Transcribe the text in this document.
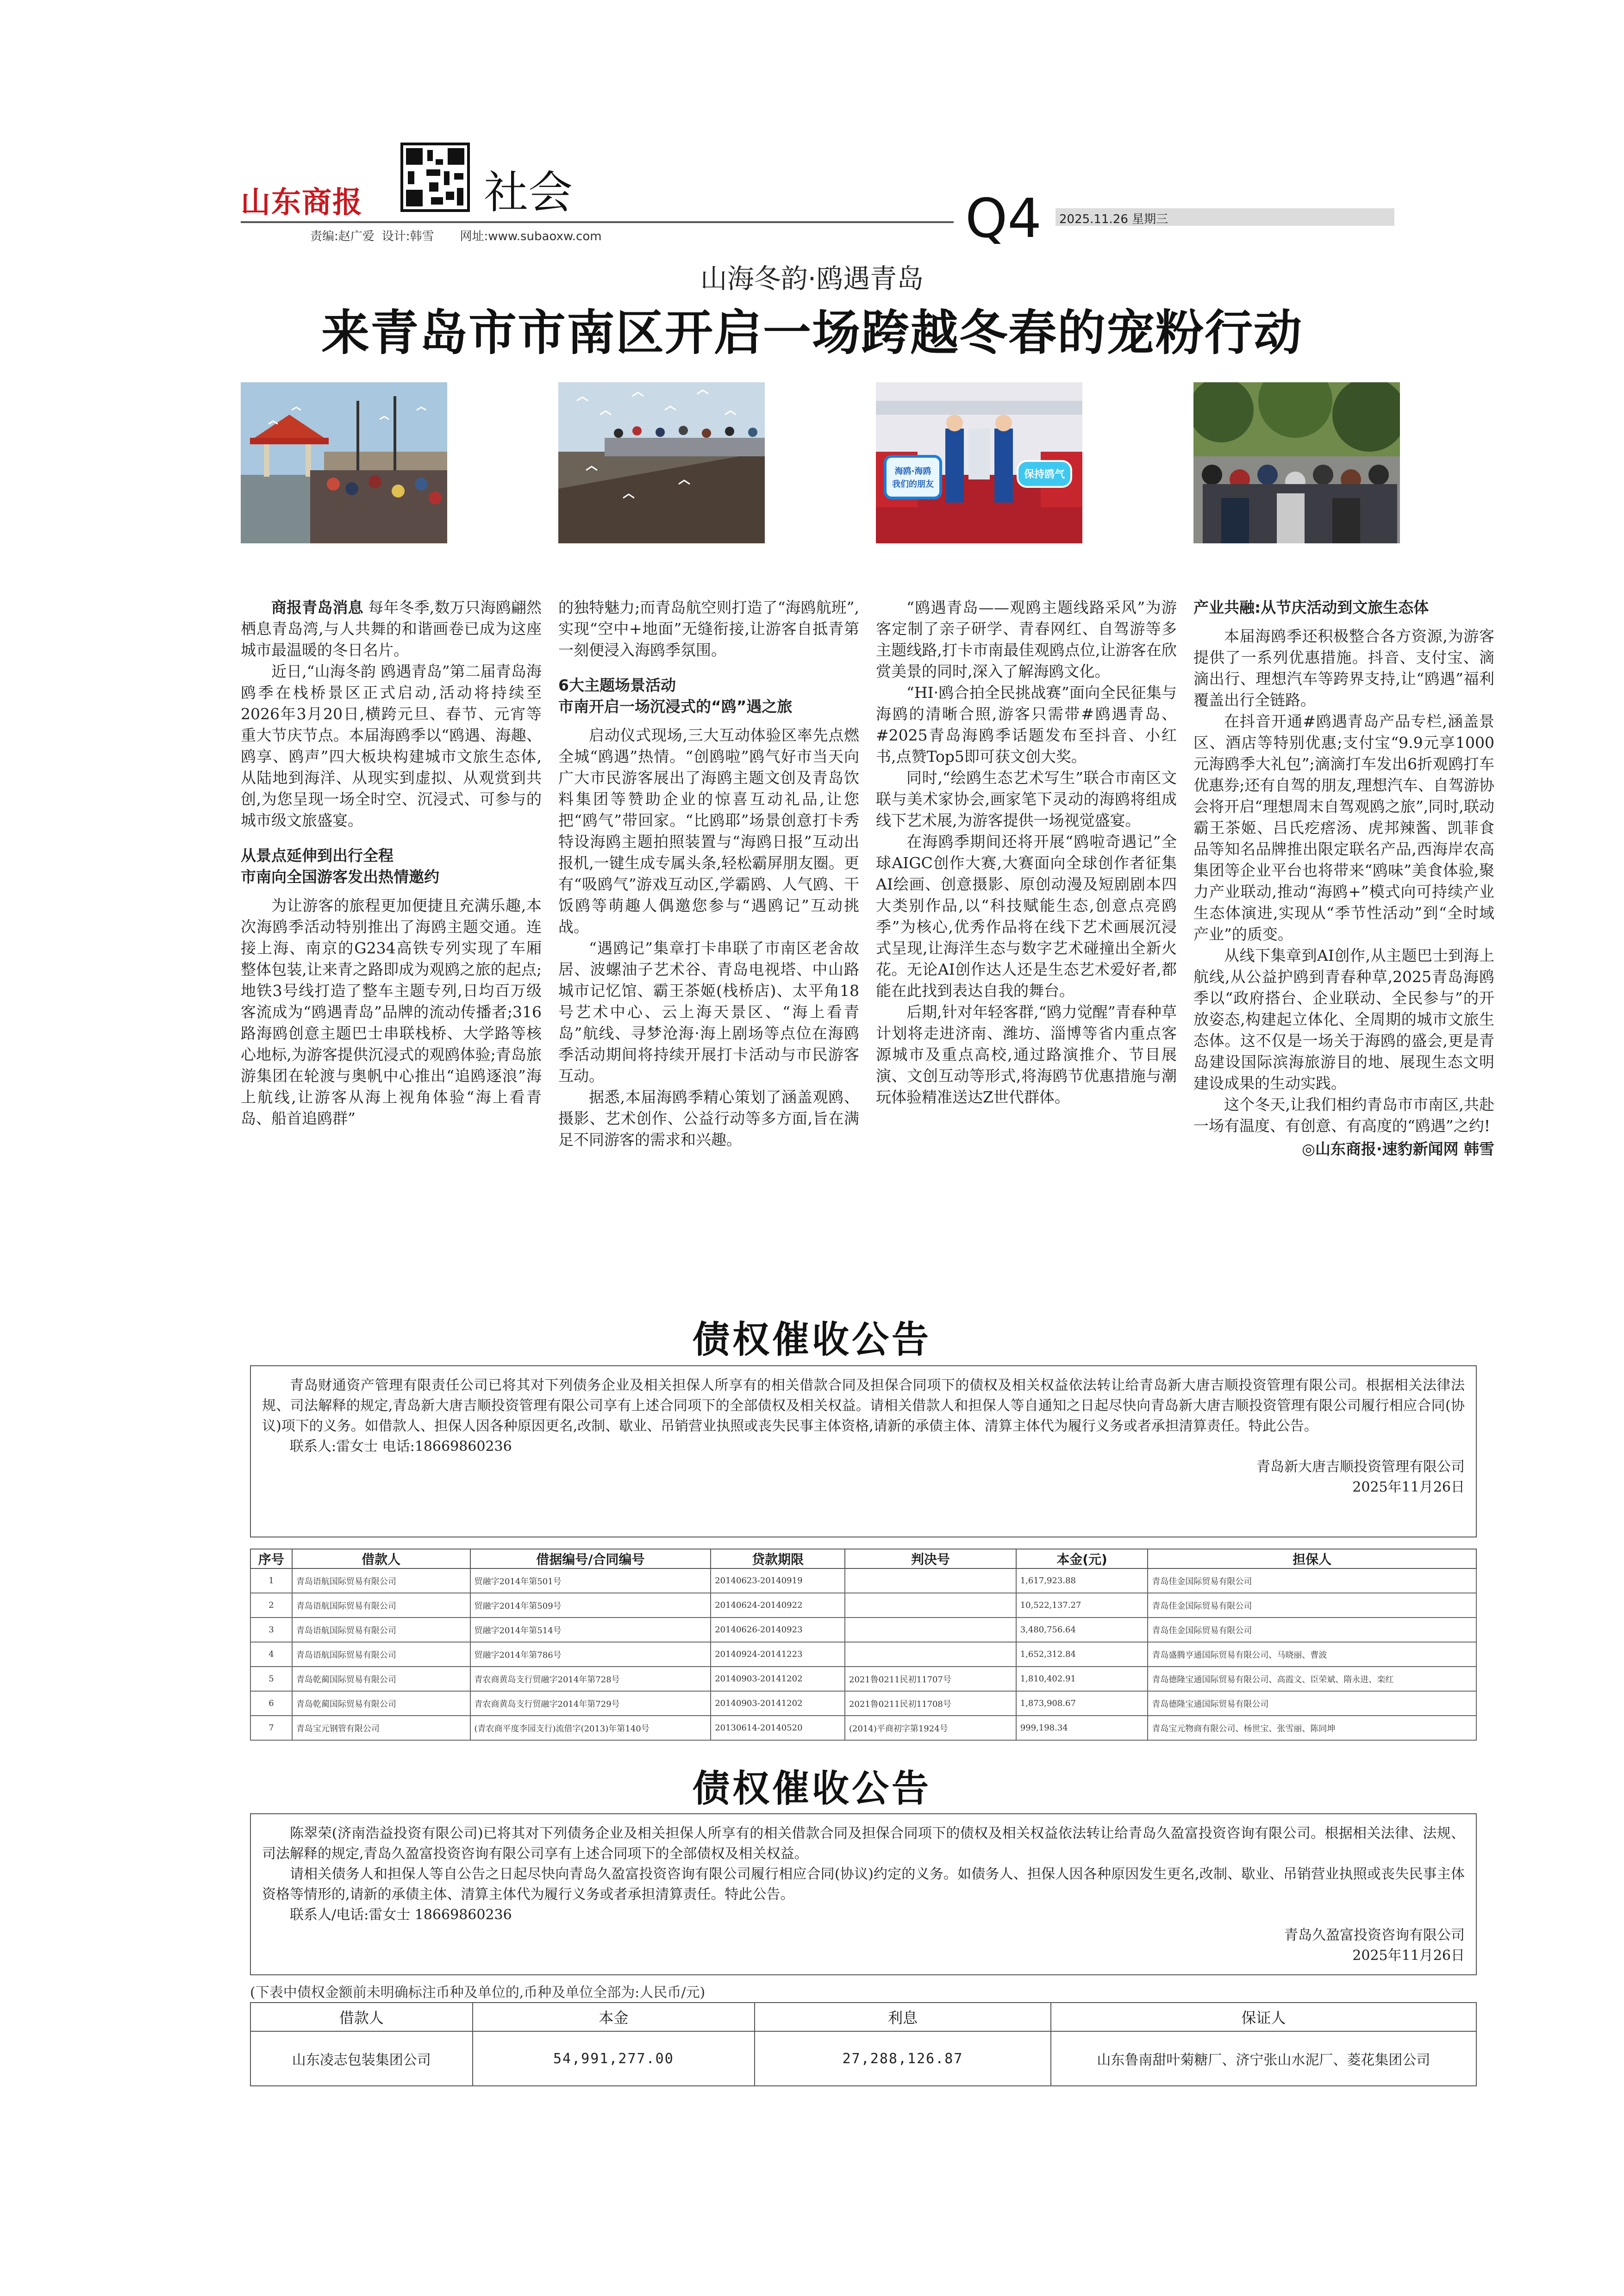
山东商报	社会	Q4	2025.11.26 星期三
责编:赵广爱 设计:韩雪 网址:www.subaoxw.com
山海冬韵·鸥遇青岛
来青岛市市南区开启一场跨越冬春的宠粉行动
海鸥·海鸥
我们的朋友
保持鸥气

商报青岛消息 每年冬季,数万只海鸥翩然栖息青岛湾,与人共舞的和谐画卷已成为这座城市最温暖的冬日名片。

近日,“山海冬韵 鸥遇青岛”第二届青岛海鸥季在栈桥景区正式启动,活动将持续至2026年3月20日,横跨元旦、春节、元宵等重大节庆节点。本届海鸥季以“鸥遇、海趣、鸥享、鸥声”四大板块构建城市文旅生态体,从陆地到海洋、从现实到虚拟、从观赏到共创,为您呈现一场全时空、沉浸式、可参与的城市级文旅盛宴。

从景点延伸到出行全程
市南向全国游客发出热情邀约

为让游客的旅程更加便捷且充满乐趣,本次海鸥季活动特别推出了海鸥主题交通。连接上海、南京的G234高铁专列实现了车厢整体包装,让来青之路即成为观鸥之旅的起点;地铁3号线打造了整车主题专列,日均百万级客流成为“鸥遇青岛”品牌的流动传播者;316路海鸥创意主题巴士串联栈桥、大学路等核心地标,为游客提供沉浸式的观鸥体验;青岛旅游集团在轮渡与奥帆中心推出“追鸥逐浪”海上航线,让游客从海上视角体验“海上看青岛、船首追鸥群”

的独特魅力;而青岛航空则打造了“海鸥航班”,实现“空中+地面”无缝衔接,让游客自抵青第一刻便浸入海鸥季氛围。

6大主题场景活动
市南开启一场沉浸式的“鸥”遇之旅

启动仪式现场,三大互动体验区率先点燃全城“鸥遇”热情。“创鸥啦”鸥气好市当天向广大市民游客展出了海鸥主题文创及青岛饮料集团等赞助企业的惊喜互动礼品,让您把“鸥气”带回家。“比鸥耶”场景创意打卡秀特设海鸥主题拍照装置与“海鸥日报”互动出报机,一键生成专属头条,轻松霸屏朋友圈。更有“吸鸥气”游戏互动区,学霸鸥、人气鸥、干饭鸥等萌趣人偶邀您参与“遇鸥记”互动挑战。

“遇鸥记”集章打卡串联了市南区老舍故居、波螺油子艺术谷、青岛电视塔、中山路城市记忆馆、霸王茶姬(栈桥店)、太平角18号艺术中心、云上海天景区、“海上看青岛”航线、寻梦沧海·海上剧场等点位在海鸥季活动期间将持续开展打卡活动与市民游客互动。

据悉,本届海鸥季精心策划了涵盖观鸥、摄影、艺术创作、公益行动等多方面,旨在满足不同游客的需求和兴趣。

“鸥遇青岛——观鸥主题线路采风”为游客定制了亲子研学、青春网红、自驾游等多主题线路,打卡市南最佳观鸥点位,让游客在欣赏美景的同时,深入了解海鸥文化。

“HI·鸥合拍全民挑战赛”面向全民征集与海鸥的清晰合照,游客只需带#鸥遇青岛、#2025青岛海鸥季话题发布至抖音、小红书,点赞Top5即可获文创大奖。

同时,“绘鸥生态艺术写生”联合市南区文联与美术家协会,画家笔下灵动的海鸥将组成线下艺术展,为游客提供一场视觉盛宴。

在海鸥季期间还将开展“鸥啦奇遇记”全球AIGC创作大赛,大赛面向全球创作者征集AI绘画、创意摄影、原创动漫及短剧剧本四大类别作品,以“科技赋能生态,创意点亮鸥季”为核心,优秀作品将在线下艺术画展沉浸式呈现,让海洋生态与数字艺术碰撞出全新火花。无论AI创作达人还是生态艺术爱好者,都能在此找到表达自我的舞台。

后期,针对年轻客群,“鸥力觉醒”青春种草计划将走进济南、潍坊、淄博等省内重点客源城市及重点高校,通过路演推介、节目展演、文创互动等形式,将海鸥节优惠措施与潮玩体验精准送达Z世代群体。

产业共融:从节庆活动到文旅生态体

本届海鸥季还积极整合各方资源,为游客提供了一系列优惠措施。抖音、支付宝、滴滴出行、理想汽车等跨界支持,让“鸥遇”福利覆盖出行全链路。

在抖音开通#鸥遇青岛产品专栏,涵盖景区、酒店等特别优惠;支付宝“9.9元享1000元海鸥季大礼包”;滴滴打车发出6折观鸥打车优惠券;还有自驾的朋友,理想汽车、自驾游协会将开启“理想周末自驾观鸥之旅”,同时,联动霸王茶姬、吕氏疙瘩汤、虎邦辣酱、凯菲食品等知名品牌推出限定联名产品,西海岸农高集团等企业平台也将带来“鸥味”美食体验,聚力产业联动,推动“海鸥+”模式向可持续产业生态体演进,实现从“季节性活动”到“全时域产业”的质变。

从线下集章到AI创作,从主题巴士到海上航线,从公益护鸥到青春种草,2025青岛海鸥季以“政府搭台、企业联动、全民参与”的开放姿态,构建起立体化、全周期的城市文旅生态体。这不仅是一场关于海鸥的盛会,更是青岛建设国际滨海旅游目的地、展现生态文明建设成果的生动实践。

这个冬天,让我们相约青岛市市南区,共赴一场有温度、有创意、有高度的“鸥遇”之约!

◎山东商报·速豹新闻网 韩雪
债权催收公告

青岛财通资产管理有限责任公司已将其对下列债务企业及相关担保人所享有的相关借款合同及担保合同项下的债权及相关权益依法转让给青岛新大唐吉顺投资管理有限公司。根据相关法律法规、司法解释的规定,青岛新大唐吉顺投资管理有限公司享有上述合同项下的全部债权及相关权益。请相关借款人和担保人等自通知之日起尽快向青岛新大唐吉顺投资管理有限公司履行相应合同(协议)项下的义务。如借款人、担保人因各种原因更名,改制、歇业、吊销营业执照或丧失民事主体资格,请新的承债主体、清算主体代为履行义务或者承担清算责任。特此公告。

联系人:雷女士 电话:18669860236

青岛新大唐吉顺投资管理有限公司

2025年11月26日

序号	借款人	借据编号/合同编号	贷款期限	判决号	本金(元)	担保人
1	青岛语航国际贸易有限公司	贸融字2014年第501号	20140623-20140919		1,617,923.88	青岛佳金国际贸易有限公司
2	青岛语航国际贸易有限公司	贸融字2014年第509号	20140624-20140922		10,522,137.27	青岛佳金国际贸易有限公司
3	青岛语航国际贸易有限公司	贸融字2014年第514号	20140626-20140923		3,480,756.64	青岛佳金国际贸易有限公司
4	青岛语航国际贸易有限公司	贸融字2014年第786号	20140924-20141223		1,652,312.84	青岛盛腾亨通国际贸易有限公司、马晓丽、曹波
5	青岛乾蔺国际贸易有限公司	青农商黄岛支行贸融字2014年第728号	20140903-20141202	2021鲁0211民初11707号	1,810,402.91	青岛德隆宝通国际贸易有限公司、高霞文、臣荣斌、隋永进、栾红
6	青岛乾蔺国际贸易有限公司	青农商黄岛支行贸融字2014年第729号	20140903-20141202	2021鲁0211民初11708号	1,873,908.67	青岛德隆宝通国际贸易有限公司
7	青岛宝元钢管有限公司	(青农商平度李园支行)流借字(2013)年第140号	20130614-20140520	(2014)平商初字第1924号	999,198.34	青岛宝元物商有限公司、杨世宝、张雪丽、陈同坤
债权催收公告

陈翠荣(济南浩益投资有限公司)已将其对下列债务企业及相关担保人所享有的相关借款合同及担保合同项下的债权及相关权益依法转让给青岛久盈富投资咨询有限公司。根据相关法律、法规、司法解释的规定,青岛久盈富投资咨询有限公司享有上述合同项下的全部债权及相关权益。

请相关债务人和担保人等自公告之日起尽快向青岛久盈富投资咨询有限公司履行相应合同(协议)约定的义务。如债务人、担保人因各种原因发生更名,改制、歇业、吊销营业执照或丧失民事主体资格等情形的,请新的承债主体、清算主体代为履行义务或者承担清算责任。特此公告。

联系人/电话:雷女士 18669860236

青岛久盈富投资咨询有限公司

2025年11月26日

(下表中债权金额前未明确标注币种及单位的,币种及单位全部为:人民币/元)
借款人	本金	利息	保证人
山东凌志包装集团公司	54,991,277.00	27,288,126.87	山东鲁南甜叶菊糖厂、济宁张山水泥厂、菱花集团公司
